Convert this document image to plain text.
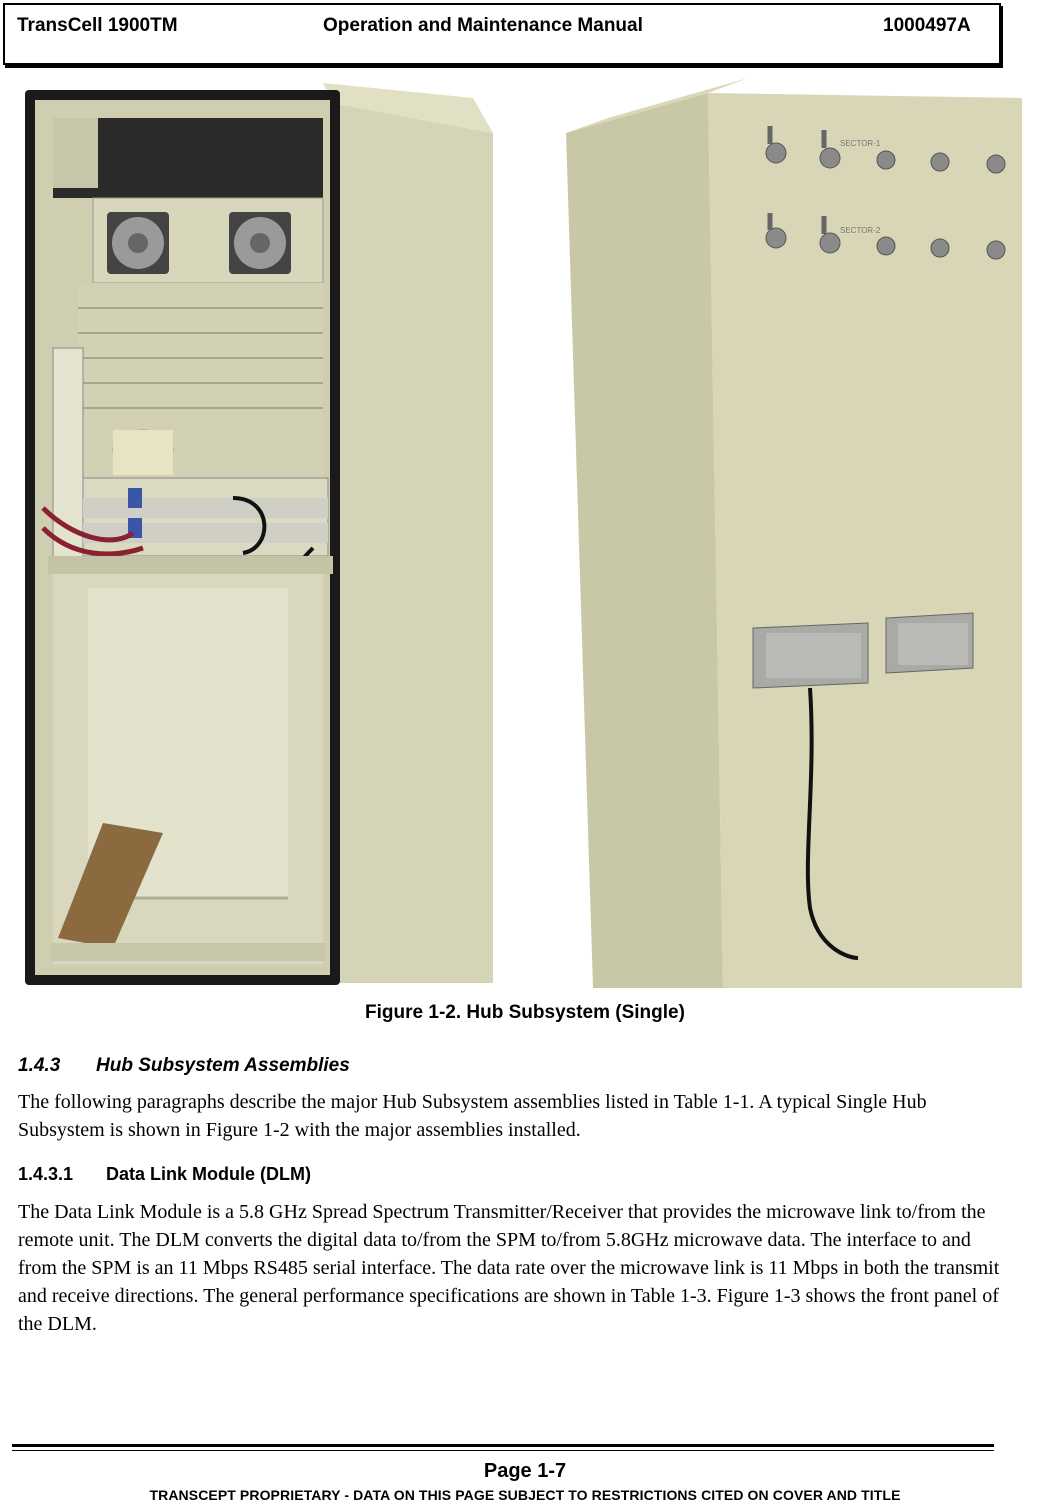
TransCell 1900TM	Operation and Maintenance Manual	1000497A
SECTOR-1
SECTOR-2
Figure 1-2. Hub Subsystem (Single)
1.4.3 Hub Subsystem Assemblies

The following paragraphs describe the major Hub Subsystem assemblies listed in Table 1-1. A typical Single Hub Subsystem is shown in Figure 1-2 with the major assemblies installed.

1.4.3.1 Data Link Module (DLM)

The Data Link Module is a 5.8 GHz Spread Spectrum Transmitter/Receiver that provides the microwave link to/from the remote unit. The DLM converts the digital data to/from the SPM to/from 5.8GHz microwave data. The interface to and from the SPM is an 11 Mbps RS485 serial interface. The data rate over the microwave link is 11 Mbps in both the transmit and receive directions. The general performance specifications are shown in Table 1-3. Figure 1-3 shows the front panel of the DLM.

Page 1-7
TRANSCEPT PROPRIETARY - DATA ON THIS PAGE SUBJECT TO RESTRICTIONS CITED ON COVER AND TITLE
